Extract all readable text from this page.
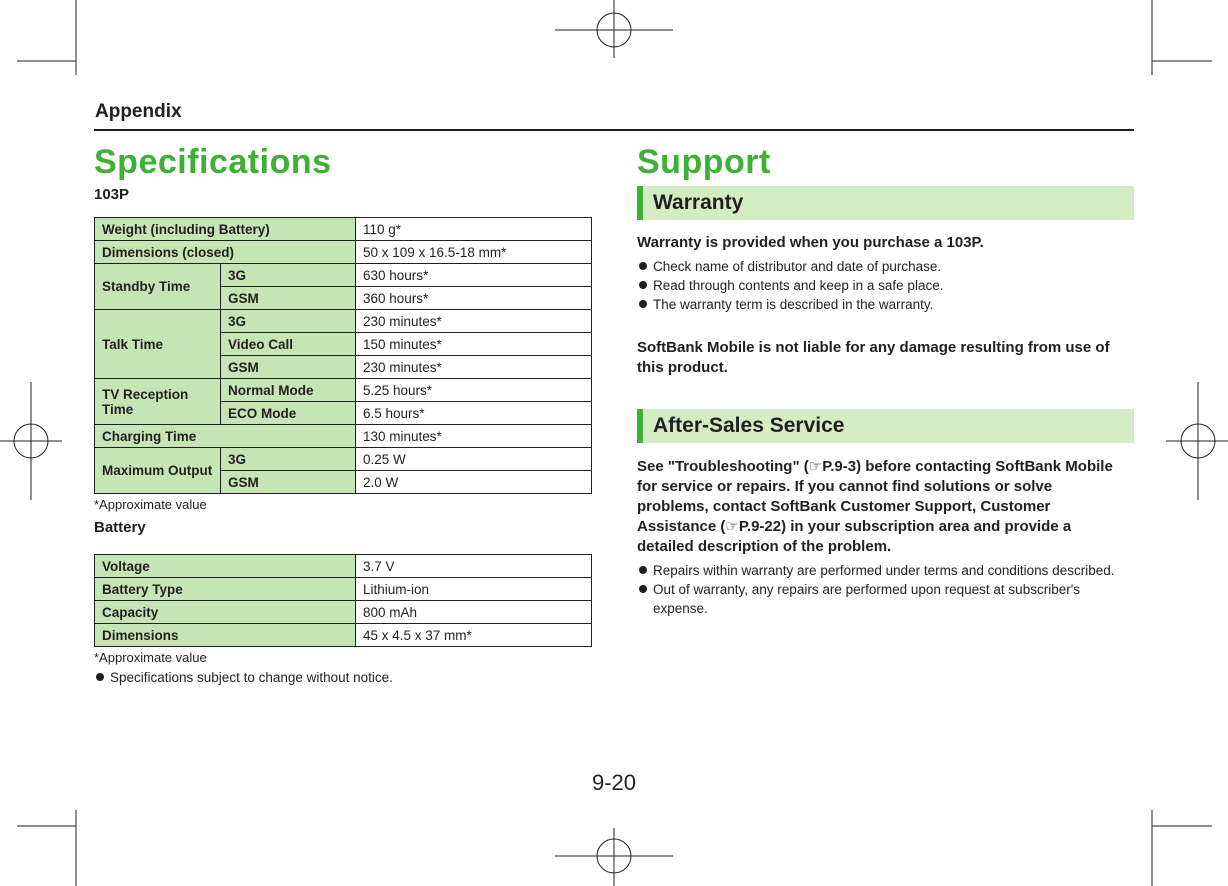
Appendix
Specifications
103P
Weight (including Battery)		110 g*
Dimensions (closed)		50 x 109 x 16.5-18 mm*
Standby Time	3G	630 hours*
	GSM	360 hours*
Talk Time	3G	230 minutes*
	Video Call	150 minutes*
	GSM	230 minutes*
TV Reception Time	Normal Mode	5.25 hours*
	ECO Mode	6.5 hours*
Charging Time		130 minutes*
Maximum Output	3G	0.25 W
	GSM	2.0 W
*Approximate value
Battery
Voltage	3.7 V
Battery Type	Lithium-ion
Capacity	800 mAh
Dimensions	45 x 4.5 x 37 mm*
*Approximate value
Specifications subject to change without notice.
Support
Warranty
Warranty is provided when you purchase a 103P.
Check name of distributor and date of purchase.
Read through contents and keep in a safe place.
The warranty term is described in the warranty.
SoftBank Mobile is not liable for any damage resulting from use of this product.
After-Sales Service
See "Troubleshooting" (☞P.9-3) before contacting SoftBank Mobile for service or repairs. If you cannot find solutions or solve problems, contact SoftBank Customer Support, Customer Assistance (☞P.9-22) in your subscription area and provide a detailed description of the problem.
Repairs within warranty are performed under terms and conditions described.
Out of warranty, any repairs are performed upon request at subscriber's expense.
9-20
